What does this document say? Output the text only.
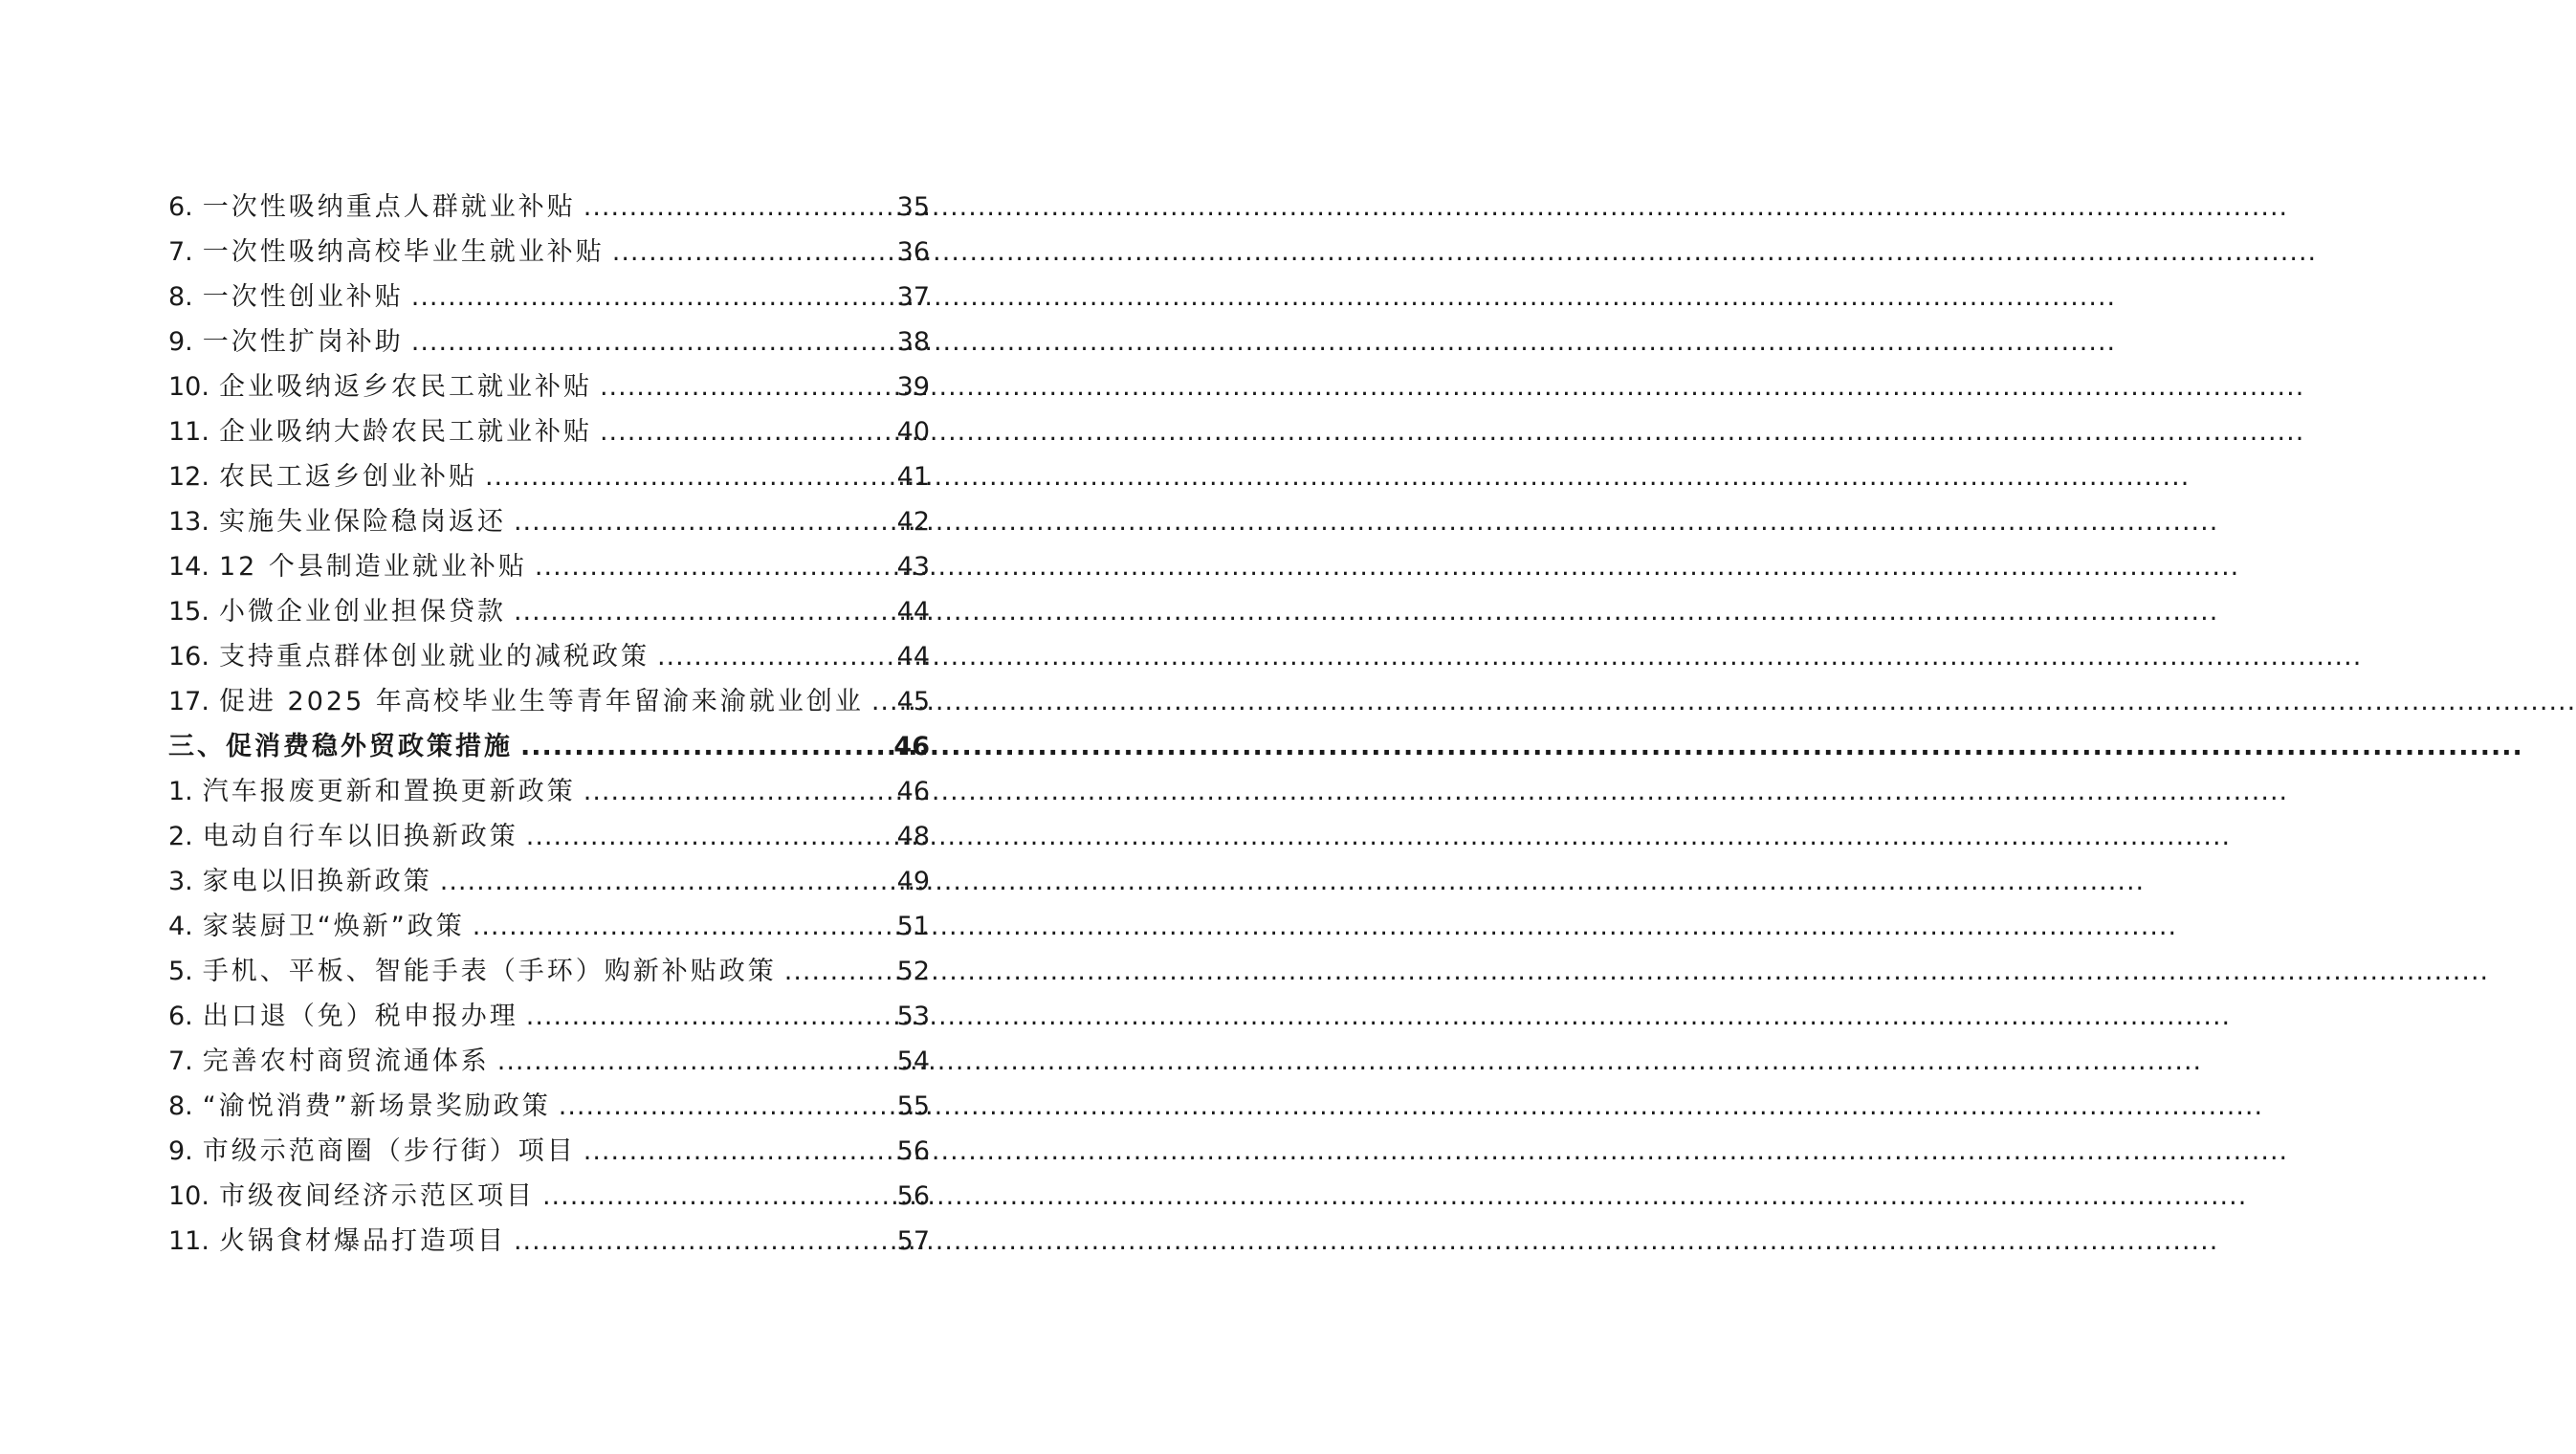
6. 一次性吸纳重点人群就业补贴 .....	35
7. 一次性吸纳高校毕业生就业补贴 .....	36
8. 一次性创业补贴 .....	37
9. 一次性扩岗补助 .....	38
10. 企业吸纳返乡农民工就业补贴 .....	39
11. 企业吸纳大龄农民工就业补贴 .....	40
12. 农民工返乡创业补贴 .....	41
13. 实施失业保险稳岗返还 .....	42
14. 12 个县制造业就业补贴 .....	43
15. 小微企业创业担保贷款 .....	44
16. 支持重点群体创业就业的减税政策 .....	44
17. 促进 2025 年高校毕业生等青年留渝来渝就业创业 ..... 45
三、促消费稳外贸政策措施 .....	46
1. 汽车报废更新和置换更新政策 .....	46
2. 电动自行车以旧换新政策 .....	48
3. 家电以旧换新政策 .....	49
4. 家装厨卫“焕新”政策 .....	51
5. 手机、平板、智能手表（手环）购新补贴政策 .....	52
6. 出口退（免）税申报办理 .....	53
7. 完善农村商贸流通体系 .....	54
8. “渝悦消费”新场景奖励政策 .....	55
9. 市级示范商圈（步行街）项目 .....	56
10. 市级夜间经济示范区项目 .....	56
11. 火锅食材爆品打造项目 .....	57
